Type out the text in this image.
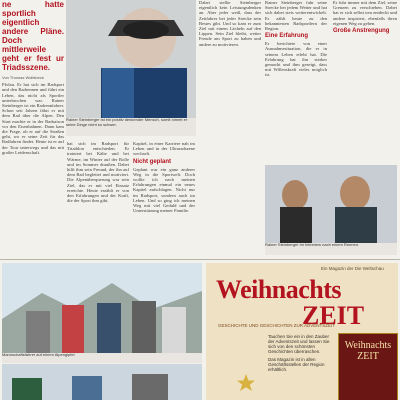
ne hatte sportlich eigentlich andere Pläne. Doch mittlerweile geht er fest ur Triadsszene.
Von Thomas Wolfsbeck

Pfolau. Er hat sich im Radsport und den Radrennen und führt ein Leben, das nicht als Sportler unterbrochen war. Rainer Steinberger ist ein Radrennfahrer. Schon seit Jahren fährt er mit dem Rad über die Alpen. Den Start machte er in der Radsaison vor den Eisenbahnen. Dann kam die Frage, ob er auf die Straßen geht, wo er seine Zeit für das Radfahren findet. Heute ist er auf der Tour unterwegs und das mit großer Leidenschaft.

Rainer Steinberger ist ein positiv denkender Mensch, somit nimmt er seine Dinge nicht so schwer.

hat sich im Radsport für Triathlon entschieden. Er trainiert bei Kälte und bei Wärme, im Winter auf der Rolle und im Sommer draußen. Dabei hilft ihm sein Freund, der ihn auf dem Rad begleitet und motiviert. Die Alpenüberquerung war sein Ziel, das er mit viel Einsatz erreichte. Heute erzählt er von den Erfahrungen und der Kraft, die der Sport ihm gibt.

Kapitel, in einer Karriere nah im Leben und in der Ultraradszene wechselt.

Nicht geplant

Geplant war ein ganz anderer Weg in die Sportwelt. Doch wollte ich nach meinen Erfahrungen einmal ein neues Kapitel aufschlagen. Nicht nur im Radsport, sondern auch im Leben. Und so ging ich meinen Weg mit viel Geduld und der Unterstützung meiner Familie.

Dabei stellte Steinberger eigentlich kein Leistungsdenken an. Aber jeder weiß, dass der Zeitfahrer bei jeder Strecke sein Bestes gibt. Und so kam er zum Ziel mit einem Lächeln auf den Lippen. Sein Ziel bleibt, weiter Freude am Sport zu haben und andere zu motivieren.

Rainer Steinberger fuhr seine Strecke bei jedem Wetter und hat sich dabei stets weiterentwickelt. Er zählt heute zu den bekanntesten Radsportlern der Region.

Eine Erfahrung

Er berichtete von einer Ausnahmesituation, die er in seinem Leben erlebt hat. Die Erfahrung hat ihn stärker gemacht und ihm gezeigt, dass mit Willenskraft vieles möglich ist.

Er fuhr immer mit dem Ziel, seine Grenzen zu verschieben. Dabei hat er sich selbst neu entdeckt und andere inspiriert, ebenfalls ihren eigenen Weg zu gehen.

Große Anstrengung
Rainer Steinberger im Interview nach einem Rennen.
Mannschaftsfahrer auf einem Alpengipfel
Ein Magazin der Die Weltschau
Weihnachts
ZEIT
GESCHICHTE UND GESCHICHTEN ZUR ADVENTSZEIT
Tauchen Sie ein in den Zauber der Adventszeit und lassen Sie sich von den schönsten Geschichten überraschen.
Das Magazin ist in allen Geschäftsstellen der Region erhältlich.
Weihnachts ZEIT
